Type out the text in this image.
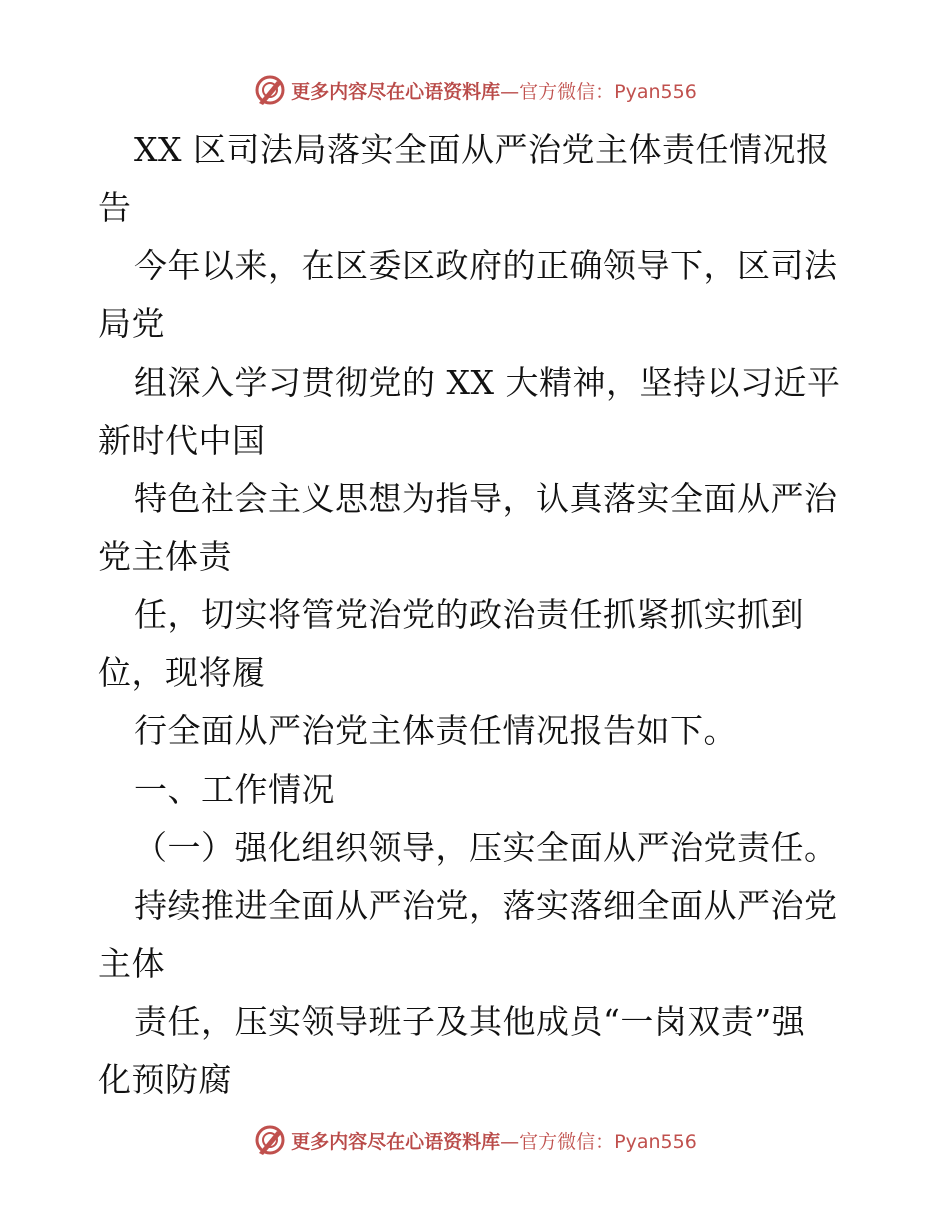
更多内容尽在心语资料库—官方微信：Pyan556
XX 区司法局落实全面从严治党主体责任情况报
告
今年以来，在区委区政府的正确领导下，区司法
局党
组深入学习贯彻党的 XX 大精神，坚持以习近平
新时代中国
特色社会主义思想为指导，认真落实全面从严治
党主体责
任，切实将管党治党的政治责任抓紧抓实抓到
位，现将履
行全面从严治党主体责任情况报告如下。
一、工作情况
（一）强化组织领导，压实全面从严治党责任。
持续推进全面从严治党，落实落细全面从严治党
主体
责任，压实领导班子及其他成员“一岗双责”强
化预防腐
更多内容尽在心语资料库—官方微信：Pyan556
